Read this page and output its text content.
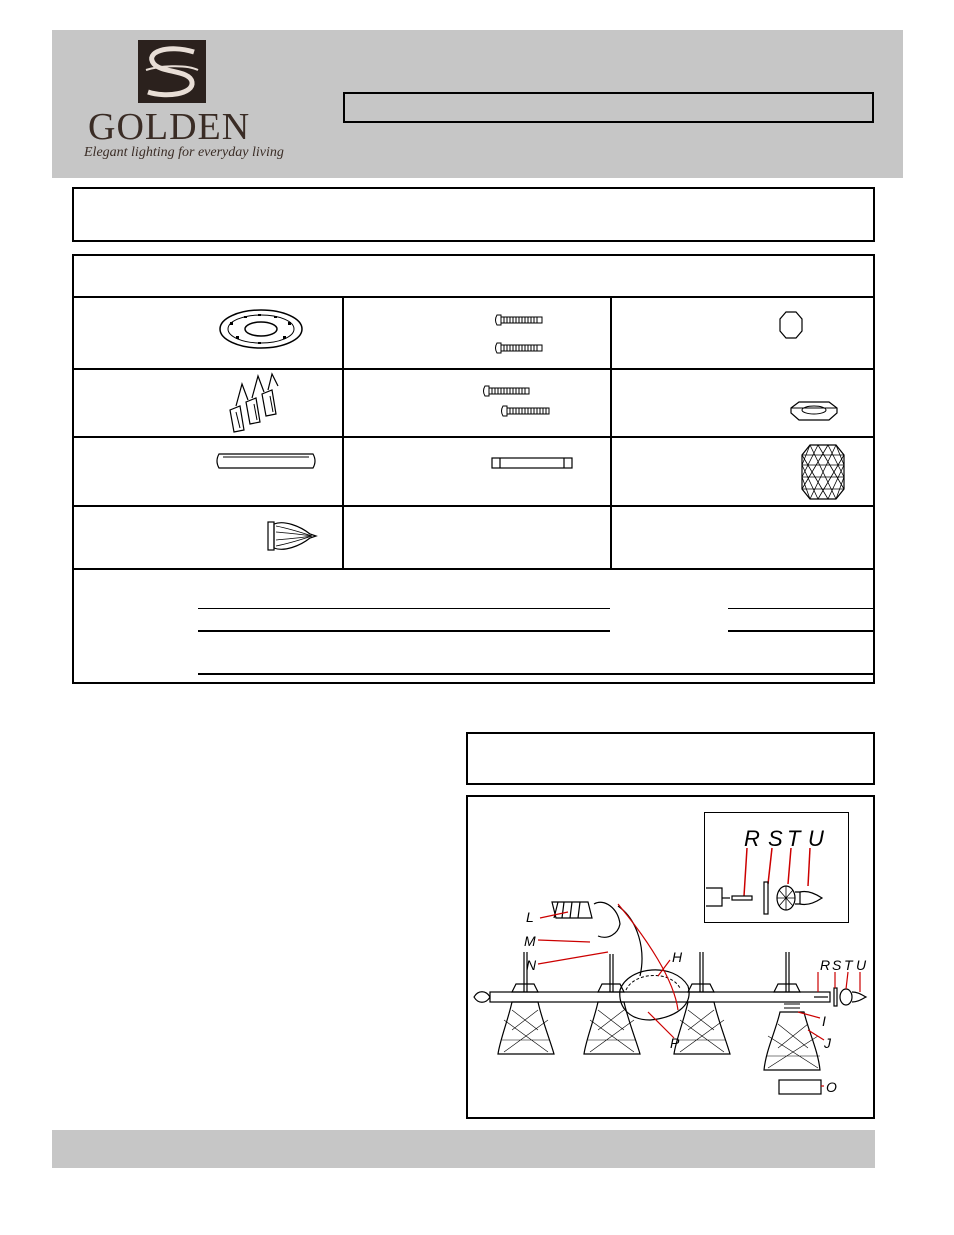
GOLDEN
Elegant lighting for everyday living
R S T U
L
M
N	H
I
J
O
P
R S T U
